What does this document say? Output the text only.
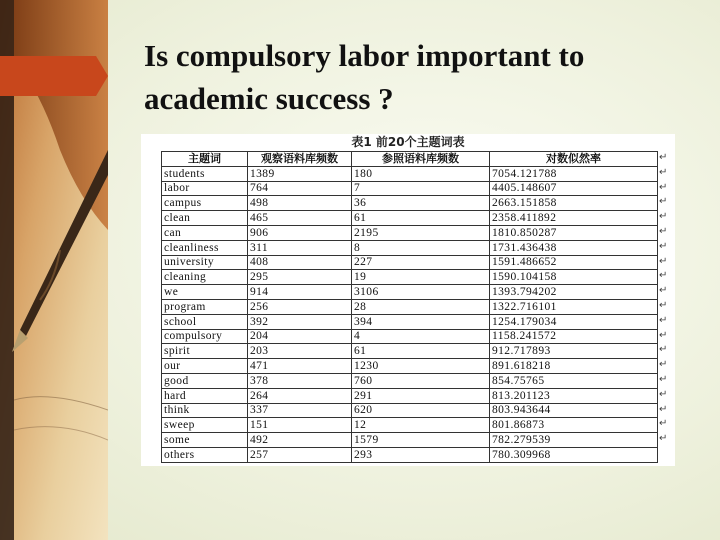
Is compulsory labor important to academic success ?
表1 前20个主题词表
主题词	观察语料库频数	参照语料库频数	对数似然率
students	1389	180	7054.121788
labor	764	7	4405.148607
campus	498	36	2663.151858
clean	465	61	2358.411892
can	906	2195	1810.850287
cleanliness	311	8	1731.436438
university	408	227	1591.486652
cleaning	295	19	1590.104158
we	914	3106	1393.794202
program	256	28	1322.716101
school	392	394	1254.179034
compulsory	204	4	1158.241572
spirit	203	61	912.717893
our	471	1230	891.618218
good	378	760	854.75765
hard	264	291	813.201123
think	337	620	803.943644
sweep	151	12	801.86873
some	492	1579	782.279539
others	257	293	780.309968
↵
↵
↵
↵
↵
↵
↵
↵
↵
↵
↵
↵
↵
↵
↵
↵
↵
↵
↵
↵
